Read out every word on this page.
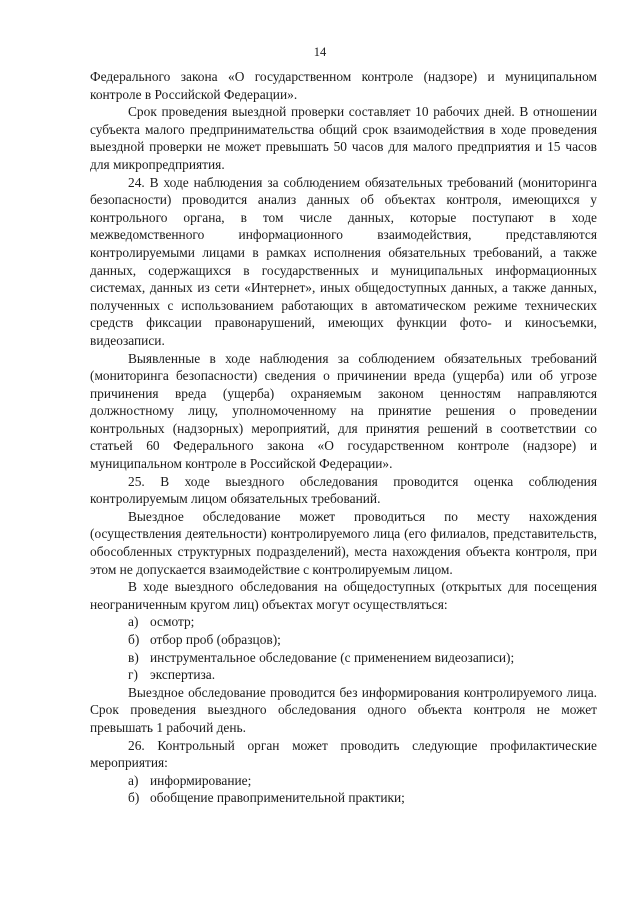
14

Федерального закона «О государственном контроле (надзоре) и муниципальном контроле в Российской Федерации».

Срок проведения выездной проверки составляет 10 рабочих дней. В отношении субъекта малого предпринимательства общий срок взаимодействия в ходе проведения выездной проверки не может превышать 50 часов для малого предприятия и 15 часов для микропредприятия.

24. В ходе наблюдения за соблюдением обязательных требований (мониторинга безопасности) проводится анализ данных об объектах контроля, имеющихся у контрольного органа, в том числе данных, которые поступают в ходе межведомственного информационного взаимодействия, представляются контролируемыми лицами в рамках исполнения обязательных требований, а также данных, содержащихся в государственных и муниципальных информационных системах, данных из сети «Интернет», иных общедоступных данных, а также данных, полученных с использованием работающих в автоматическом режиме технических средств фиксации правонарушений, имеющих функции фото- и киносъемки, видеозаписи.

Выявленные в ходе наблюдения за соблюдением обязательных требований (мониторинга безопасности) сведения о причинении вреда (ущерба) или об угрозе причинения вреда (ущерба) охраняемым законом ценностям направляются должностному лицу, уполномоченному на принятие решения о проведении контрольных (надзорных) мероприятий, для принятия решений в соответствии со статьей 60 Федерального закона «О государственном контроле (надзоре) и муниципальном контроле в Российской Федерации».

25. В ходе выездного обследования проводится оценка соблюдения контролируемым лицом обязательных требований.

Выездное обследование может проводиться по месту нахождения (осуществления деятельности) контролируемого лица (его филиалов, представительств, обособленных структурных подразделений), места нахождения объекта контроля, при этом не допускается взаимодействие с контролируемым лицом.

В ходе выездного обследования на общедоступных (открытых для посещения неограниченным кругом лиц) объектах могут осуществляться:

а) осмотр;
б) отбор проб (образцов);
в) инструментальное обследование (с применением видеозаписи);
г) экспертиза.

Выездное обследование проводится без информирования контролируемого лица. Срок проведения выездного обследования одного объекта контроля не может превышать 1 рабочий день.

26. Контрольный орган может проводить следующие профилактические мероприятия:

а) информирование;
б) обобщение правоприменительной практики;
